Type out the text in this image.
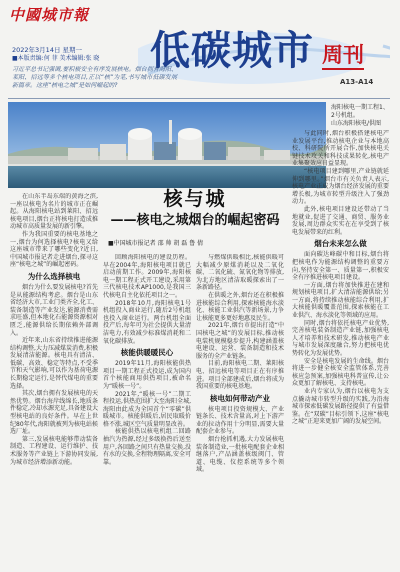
中國城市報
低碳城市 周刊
A13-A14
2022年3月14日 星期一
■本版责编:何 菲 美术编辑:张 晓
习近平总书记强调,要积极安全有序发展核电。烟台拥有海阳、莱阳、招远等多个核电项目,正以“核”为笔,书写城市低碳发展新篇章。这座“核电之城”是如何崛起的?
海阳核电一期工程1、2号机组。
山东海阳核电/供图
核与城
——核电之城烟台的崛起密码
■中国城市报记者 邵 帅 胡 磊 鲁 倩

在山东半岛东端的黄海之滨,一座以核电为名片的城市正在崛起。从海阳核电站到莱阳、招远核电项目,烟台正将核电打造成推动城市高质量发展的新引擎。

作为我国重要的核电基地之一,烟台为何选择核电?核电又给这座城市带来了哪些变化?近日,中国城市报记者走进烟台,探寻这座“核电之城”的崛起密码。

为什么选择核电

烟台为什么要发展核电?首先是从能源结构考虑。烟台是山东省经济大市,工业门类齐全,化工、装备制造等产业发达,能源消费需求旺盛,但本地化石能源资源相对匮乏,能源供给长期依赖外部调入。

近年来,山东省持续推进能源结构调整,大力压减煤炭消费,积极发展清洁能源。核电具有清洁、低碳、高效、稳定等特点,不受季节和天气影响,可以作为基荷电源长期稳定运行,是替代煤电的重要选择。

其次,烟台拥有发展核电的天然优势。烟台海岸线绵长,地质条件稳定,冷却水源充足,具备建设大型核电站的良好条件。早在上世纪80年代,海阳就被列为核电站候选厂址。

第三,发展核电能够带动装备制造、工程建设、运行维护、技术服务等产业链上下游协同发展,为城市经济增添新动能。

回顾海阳核电的建设历程。早在2004年,海阳核电项目就已启动前期工作。2009年,海阳核电一期工程正式开工建设,采用第三代核电技术AP1000,是我国三代核电自主化依托项目之一。

2018年10月,海阳核电1号机组投入商业运行,随后2号机组也投入商业运行。两台机组全面投产后,每年可为社会提供大量清洁电力,有效减少标准煤消耗和二氧化碳排放。

核能供暖暖民心

2019年11月,海阳核能供热项目一期工程正式投运,成为国内首个核能商用供热项目,被命名为“暖核一号”。

2021年,“暖核一号”二期工程投运,供热范围扩大至海阳全城,海阳由此成为全国首个“零碳”供暖城市。核能供暖后,居民取暖价格不涨,城区空气质量明显改善。

核能供热以核电机组二回路抽汽为热源,经过多级换热后送至用户,各回路之间只有热量交换,没有水的交换,全程物理隔离,安全可靠。

与燃煤供暖相比,核能供暖可大幅减少原煤消耗以及二氧化碳、二氧化硫、氮氧化物等排放,为北方地区清洁取暖探索出了一条新路径。

在供暖之外,烟台还在积极推进核能综合利用,探索核能海水淡化、核能工业供汽等新场景,力争让核能更多更好地惠及民生。

2021年,烟台市提出打造“中国核电之城”的发展目标,推动核电装机规模稳步提升,构建涵盖核电建设、运营、装备制造和技术服务的全产业链条。

目前,海阳核电二期、莱阳核电、招远核电等项目正在有序推进。项目全部建成后,烟台将成为我国重要的核电基地。

核电如何带动产业

核电项目投资规模大、产业链条长、技术含量高,对上下游产业的拉动作用十分明显,需要大量配套企业参与。

烟台抢抓机遇,大力发展核电装备制造业,一批核电配套企业相继落户,产品涵盖核级阀门、管道、电缆、仪控系统等多个领域。

与此同时,烟台积极搭建核电产业发展平台,推动核电企业与本地高校、科研院所开展合作,加快核电关键技术攻关和科技成果转化,核电产业集聚效应日益显现。

“核电项目建到哪里,产业链就延伸到哪里。”烟台市有关负责人表示,核电产业正成为烟台经济发展的重要增长极,为城市转型升级注入了强劲动力。

此外,核电项目建设还带动了当地就业,促进了交通、商贸、服务业发展,周边群众实实在在享受到了核电发展带来的红利。

烟台未来怎么做

面向碳达峰碳中和目标,烟台将把核电作为能源结构调整的重要方向,坚持安全第一、质量第一,积极安全有序推进核电项目建设。

一方面,烟台将加快推进在建和规划核电项目,扩大清洁能源供给;另一方面,将持续推动核能综合利用,扩大核能供暖覆盖范围,探索核能在工业供汽、海水淡化等领域的应用。

同时,烟台将依托核电产业优势,完善核电装备制造产业链,加强核电人才培养和技术研发,推动核电产业与城市发展深度融合,努力把核电优势转化为发展优势。

安全是核电发展的生命线。烟台将进一步健全核安全监管体系,完善核应急预案,加强核电科普宣传,让公众更加了解核电、支持核电。

业内专家认为,烟台以核电为支点撬动城市转型升级的实践,为沿海城市探索低碳发展路径提供了有益借鉴。在“双碳”目标引领下,这座“核电之城”正迎来更加广阔的发展空间。
